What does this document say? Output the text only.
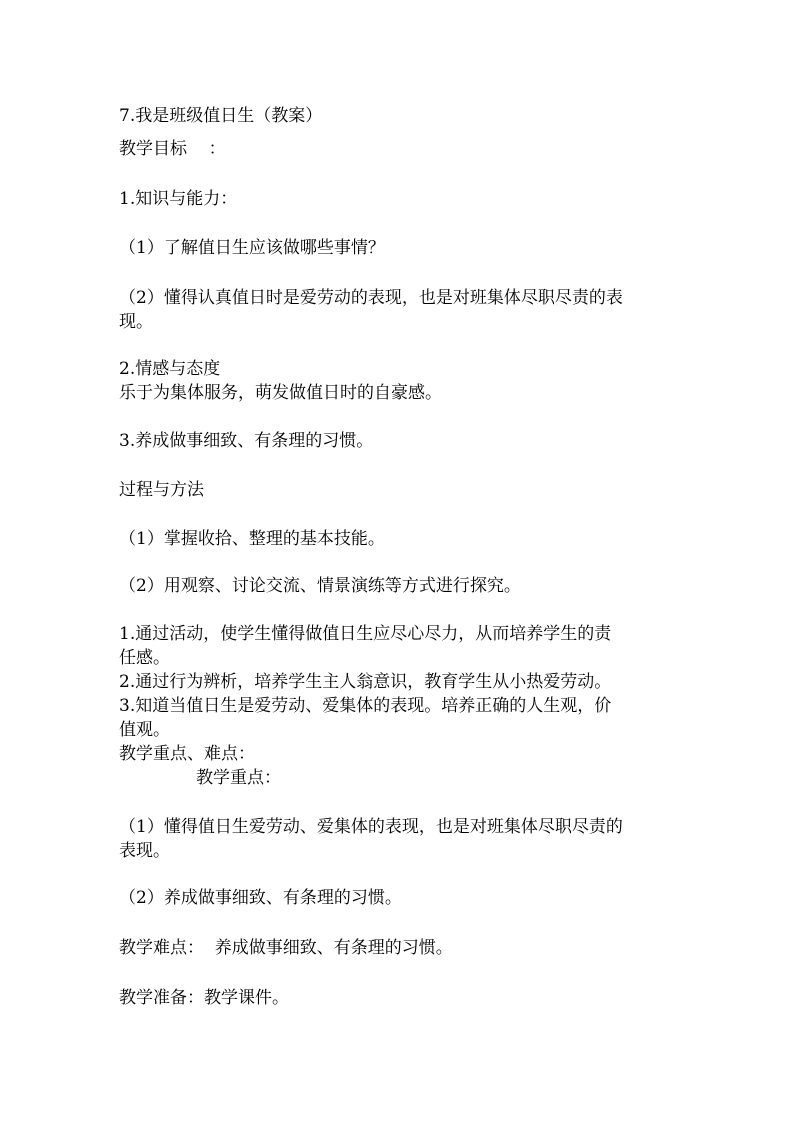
7.我是班级值日生（教案）

教学目标    ：

1.知识与能力：

（1）了解值日生应该做哪些事情？

（2）懂得认真值日时是爱劳动的表现，也是对班集体尽职尽责的表

现。

2.情感与态度

乐于为集体服务，萌发做值日时的自豪感。

3.养成做事细致、有条理的习惯。

过程与方法

（1）掌握收拾、整理的基本技能。

（2）用观察、讨论交流、情景演练等方式进行探究。

1.通过活动，使学生懂得做值日生应尽心尽力，从而培养学生的责

任感。

2.通过行为辨析，培养学生主人翁意识，教育学生从小热爱劳动。

3.知道当值日生是爱劳动、爱集体的表现。培养正确的人生观，价

值观。

教学重点、难点：

教学重点：

（1）懂得值日生爱劳动、爱集体的表现，也是对班集体尽职尽责的

表现。

（2）养成做事细致、有条理的习惯。

教学难点：  养成做事细致、有条理的习惯。

教学准备：教学课件。
